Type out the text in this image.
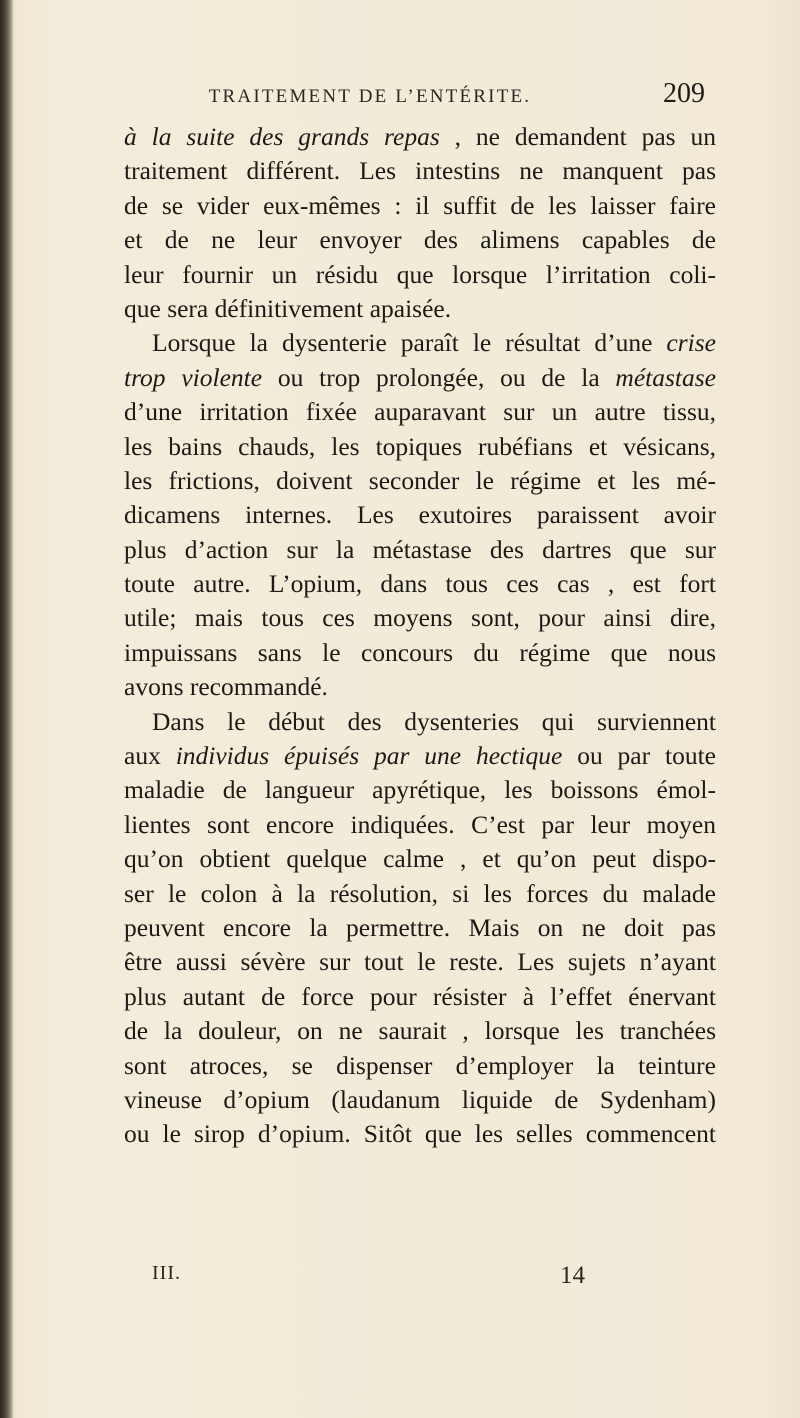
TRAITEMENT DE L’ENTÉRITE.	209
à la suite des grands repas , ne demandent pas un
traitement différent. Les intestins ne manquent pas
de se vider eux-mêmes : il suffit de les laisser faire
et de ne leur envoyer des alimens capables de
leur fournir un résidu que lorsque l’irritation coli-
que sera définitivement apaisée.
Lorsque la dysenterie paraît le résultat d’une crise
trop violente ou trop prolongée, ou de la métastase
d’une irritation fixée auparavant sur un autre tissu,
les bains chauds, les topiques rubéfians et vésicans,
les frictions, doivent seconder le régime et les mé-
dicamens internes. Les exutoires paraissent avoir
plus d’action sur la métastase des dartres que sur
toute autre. L’opium, dans tous ces cas , est fort
utile; mais tous ces moyens sont, pour ainsi dire,
impuissans sans le concours du régime que nous
avons recommandé.
Dans le début des dysenteries qui surviennent
aux individus épuisés par une hectique ou par toute
maladie de langueur apyrétique, les boissons émol-
lientes sont encore indiquées. C’est par leur moyen
qu’on obtient quelque calme , et qu’on peut dispo-
ser le colon à la résolution, si les forces du malade
peuvent encore la permettre. Mais on ne doit pas
être aussi sévère sur tout le reste. Les sujets n’ayant
plus autant de force pour résister à l’effet énervant
de la douleur, on ne saurait , lorsque les tranchées
sont atroces, se dispenser d’employer la teinture
vineuse d’opium (laudanum liquide de Sydenham)
ou le sirop d’opium. Sitôt que les selles commencent
III.	14
